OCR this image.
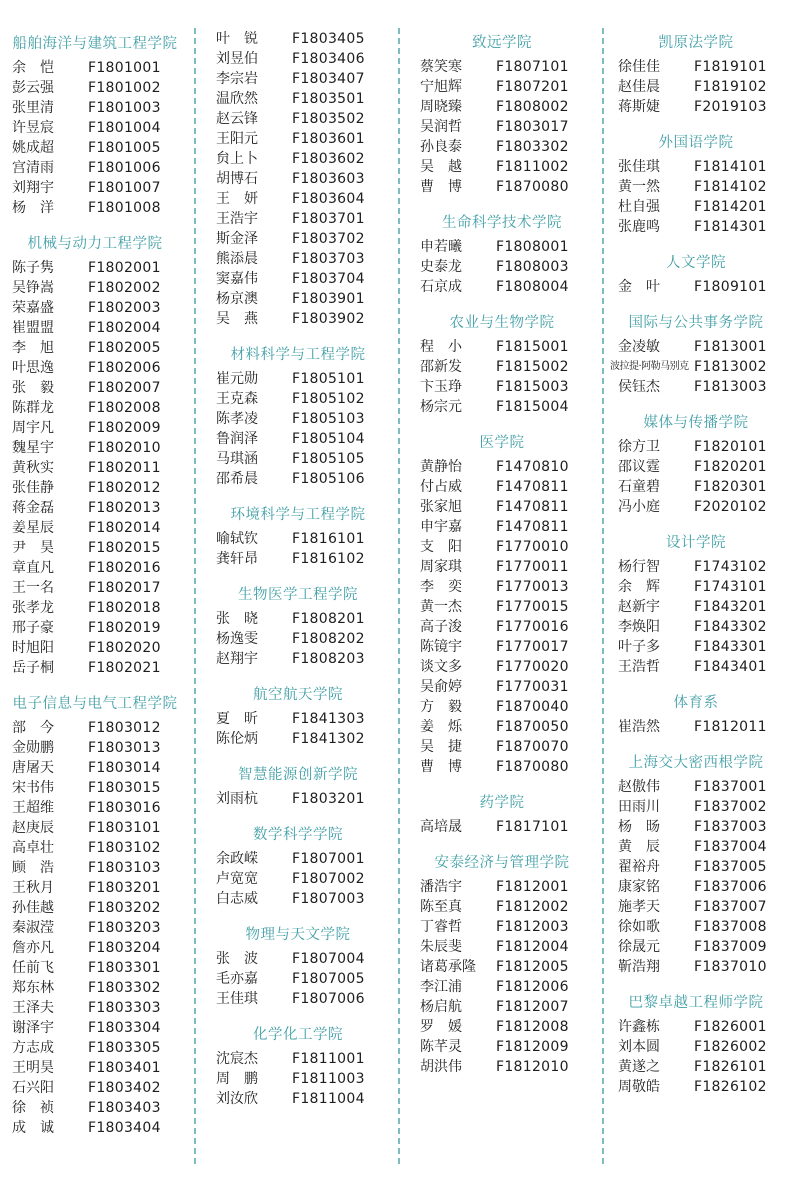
船舶海洋与建筑工程学院
余　恺	F1801001
彭云强	F1801002
张里清	F1801003
许昱宸	F1801004
姚成超	F1801005
宫清雨	F1801006
刘翔宇	F1801007
杨　洋	F1801008
机械与动力工程学院
陈子隽	F1802001
吴铮嵩	F1802002
荣嘉盛	F1802003
崔盟盟	F1802004
李　旭	F1802005
叶思逸	F1802006
张　毅	F1802007
陈群龙	F1802008
周宇凡	F1802009
魏星宇	F1802010
黄秋实	F1802011
张佳静	F1802012
蒋金磊	F1802013
姜星辰	F1802014
尹　昊	F1802015
章直凡	F1802016
王一名	F1802017
张孝龙	F1802018
邢子豪	F1802019
时旭阳	F1802020
岳子桐	F1802021
电子信息与电气工程学院
部　今	F1803012
金勋鹏	F1803013
唐屠天	F1803014
宋书伟	F1803015
王超维	F1803016
赵庚辰	F1803101
高卓壮	F1803102
顾　浩	F1803103
王秋月	F1803201
孙佳越	F1803202
秦淑滢	F1803203
詹亦凡	F1803204
任前飞	F1803301
郑东林	F1803302
王泽夫	F1803303
谢泽宇	F1803304
方志成	F1803305
王明昊	F1803401
石兴阳	F1803402
徐　祯	F1803403
成　诚	F1803404
叶　锐	F1803405
刘昱伯	F1803406
李宗岩	F1803407
温欣然	F1803501
赵云锋	F1803502
王阳元	F1803601
贠上卜	F1803602
胡博石	F1803603
王　妍	F1803604
王浩宇	F1803701
斯金泽	F1803702
熊添晨	F1803703
窦嘉伟	F1803704
杨京澳	F1803901
吴　燕	F1803902
材料科学与工程学院
崔元勋	F1805101
王克森	F1805102
陈孝凌	F1805103
鲁润泽	F1805104
马琪涵	F1805105
邵希晨	F1805106
环境科学与工程学院
喻轼钦	F1816101
龚轩昂	F1816102
生物医学工程学院
张　晓	F1808201
杨逸雯	F1808202
赵翔宇	F1808203
航空航天学院
夏　昕	F1841303
陈伦炳	F1841302
智慧能源创新学院
刘雨杭	F1803201
数学科学学院
余政嵘	F1807001
卢宽宽	F1807002
白志威	F1807003
物理与天文学院
张　波	F1807004
毛亦嘉	F1807005
王佳琪	F1807006
化学化工学院
沈宸杰	F1811001
周　鹏	F1811003
刘汝欣	F1811004
致远学院
蔡笑寒	F1807101
宁旭辉	F1807201
周晓臻	F1808002
吴润哲	F1803017
孙良泰	F1803302
吴　越	F1811002
曹　博	F1870080
生命科学技术学院
申若曦	F1808001
史泰龙	F1808003
石京成	F1808004
农业与生物学院
程　小	F1815001
邵新发	F1815002
卞玉琤	F1815003
杨宗元	F1815004
医学院
黄静怡	F1470810
付占威	F1470811
张家旭	F1470811
申宇嘉	F1470811
支　阳	F1770010
周家琪	F1770011
李　奕	F1770013
黄一杰	F1770015
高子浚	F1770016
陈镜宇	F1770017
谈文多	F1770020
吴俞婷	F1770031
方　毅	F1870040
姜　烁	F1870050
吴　捷	F1870070
曹　博	F1870080
药学院
高培晟	F1817101
安泰经济与管理学院
潘浩宇	F1812001
陈至真	F1812002
丁睿哲	F1812003
朱辰斐	F1812004
诸葛承隆	F1812005
李江浦	F1812006
杨启航	F1812007
罗　媛	F1812008
陈芊灵	F1812009
胡洪伟	F1812010
凯原法学院
徐佳佳	F1819101
赵佳晨	F1819102
蒋斯婕	F2019103
外国语学院
张佳琪	F1814101
黄一然	F1814102
杜自强	F1814201
张鹿鸣	F1814301
人文学院
金　叶	F1809101
国际与公共事务学院
金凌敏	F1813001
波拉提·阿勒马别克 F1813002
侯钰杰	F1813003
媒体与传播学院
徐方卫	F1820101
邵议霆	F1820201
石童碧	F1820301
冯小庭	F2020102
设计学院
杨行智	F1743102
余　辉	F1743101
赵新宇	F1843201
李焕阳	F1843302
叶子多	F1843301
王浩哲	F1843401
体育系
崔浩然	F1812011
上海交大密西根学院
赵傲伟	F1837001
田雨川	F1837002
杨　旸	F1837003
黄　辰	F1837004
翟裕舟	F1837005
康家铭	F1837006
施孝天	F1837007
徐如歌	F1837008
徐晟元	F1837009
靳浩翔	F1837010
巴黎卓越工程师学院
许鑫栋	F1826001
刘本圆	F1826002
黄遂之	F1826101
周敬皓	F1826102
